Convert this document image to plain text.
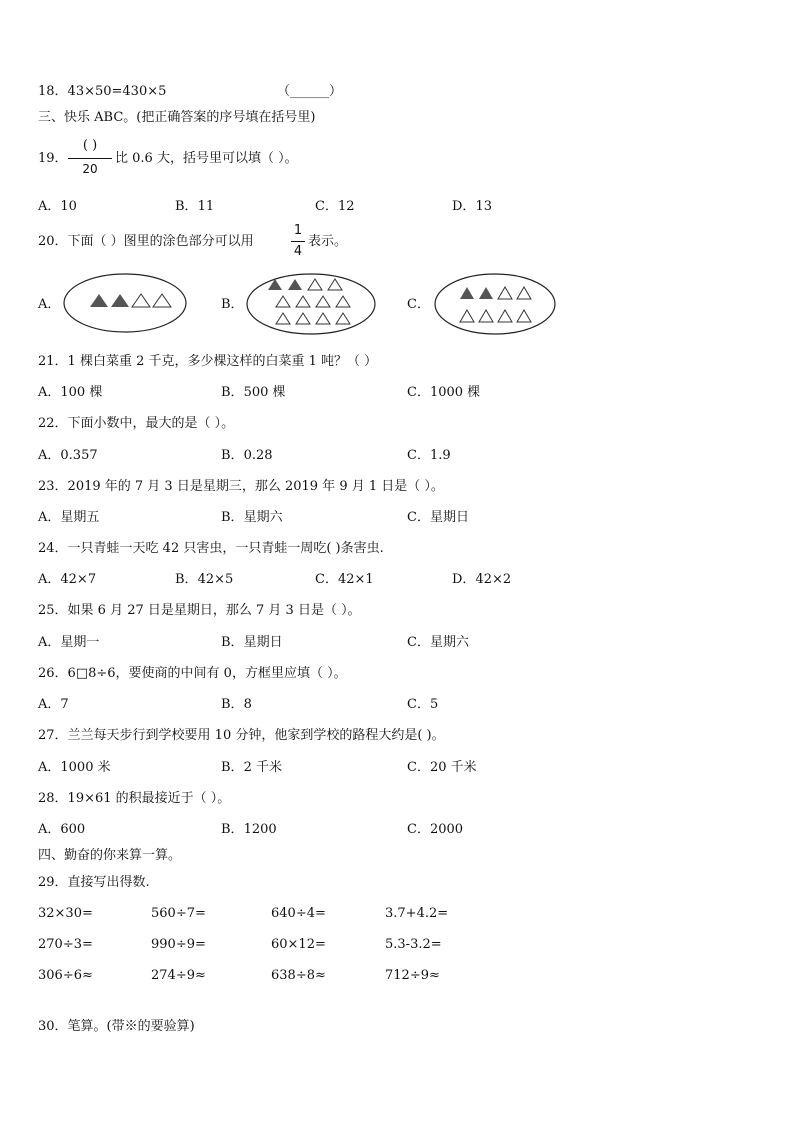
18．43×50=430×5	（______）
三、快乐 ABC。(把正确答案的序号填在括号里)
19．
( )
20
比 0.6 大，括号里可以填（ ）。
A．10	B．11	C．12	D．13
20．下面（ ）图里的涂色部分可以用
1
4
表示。
A．	B．	C．
21．1 棵白菜重 2 千克，多少棵这样的白菜重 1 吨？（ ）
A．100 棵	B．500 棵	C．1000 棵
22．下面小数中，最大的是（ ）。
A．0.357	B．0.28	C．1.9
23．2019 年的 7 月 3 日是星期三，那么 2019 年 9 月 1 日是（ ）。
A．星期五	B．星期六	C．星期日
24．一只青蛙一天吃 42 只害虫，一只青蛙一周吃( )条害虫.
A．42×7	B．42×5	C．42×1	D．42×2
25．如果 6 月 27 日是星期日，那么 7 月 3 日是（ ）。
A．星期一	B．星期日	C．星期六
26．6□8÷6，要使商的中间有 0，方框里应填（ ）。
A．7	B．8	C．5
27．兰兰每天步行到学校要用 10 分钟，他家到学校的路程大约是( )。
A．1000 米	B．2 千米	C．20 千米
28．19×61 的积最接近于（ ）。
A．600	B．1200	C．2000
四、勤奋的你来算一算。
29．直接写出得数.
32×30=	560÷7=	640÷4=	3.7+4.2=
270÷3=	990÷9=	60×12=	5.3-3.2=
306÷6≈	274÷9≈	638÷8≈	712÷9≈
30．笔算。(带※的要验算)
